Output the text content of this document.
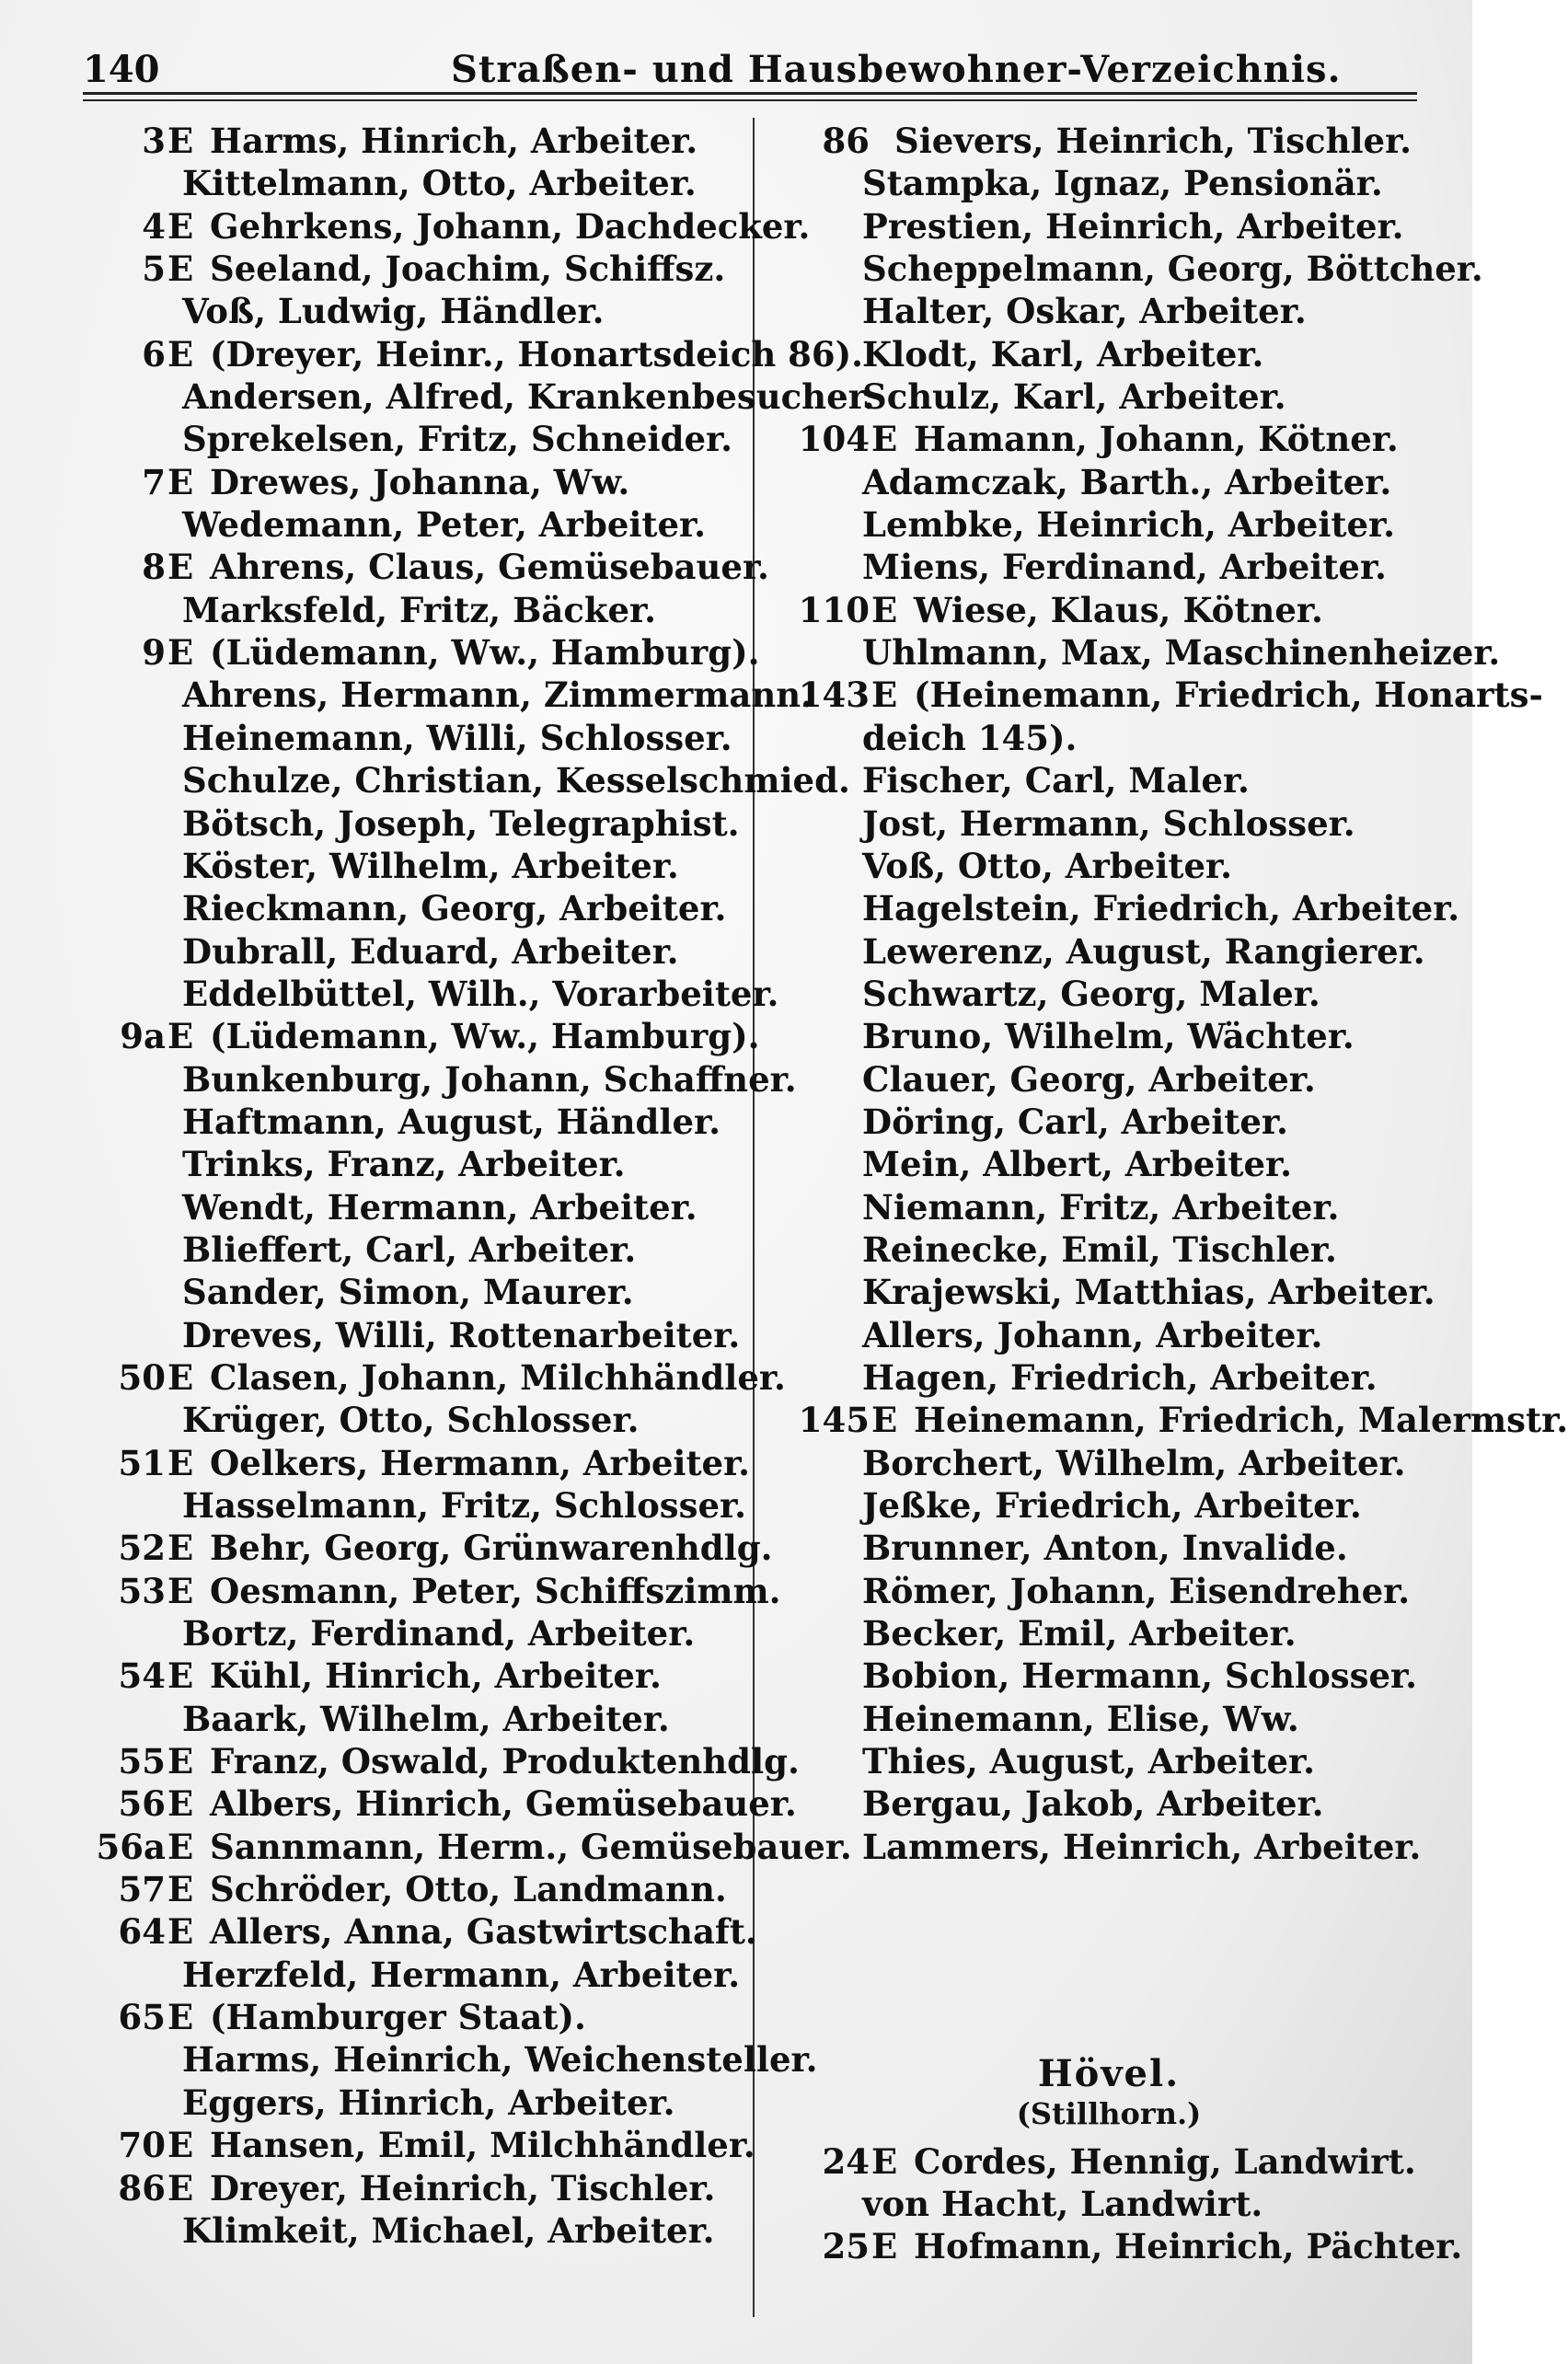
140	Straßen- und Hausbewohner-Verzeichnis.
3 E Harms, Hinrich, Arbeiter.
Kittelmann, Otto, Arbeiter.
4 E Gehrkens, Johann, Dachdecker.
5 E Seeland, Joachim, Schiffsz.
Voß, Ludwig, Händler.
6 E (Dreyer, Heinr., Honartsdeich 86).
Andersen, Alfred, Krankenbesucher.
Sprekelsen, Fritz, Schneider.
7 E Drewes, Johanna, Ww.
Wedemann, Peter, Arbeiter.
8 E Ahrens, Claus, Gemüsebauer.
Marksfeld, Fritz, Bäcker.
9 E (Lüdemann, Ww., Hamburg).
Ahrens, Hermann, Zimmermann.
Heinemann, Willi, Schlosser.
Schulze, Christian, Kesselschmied.
Bötsch, Joseph, Telegraphist.
Köster, Wilhelm, Arbeiter.
Rieckmann, Georg, Arbeiter.
Dubrall, Eduard, Arbeiter.
Eddelbüttel, Wilh., Vorarbeiter.
9a E (Lüdemann, Ww., Hamburg).
Bunkenburg, Johann, Schaffner.
Haftmann, August, Händler.
Trinks, Franz, Arbeiter.
Wendt, Hermann, Arbeiter.
Blieffert, Carl, Arbeiter.
Sander, Simon, Maurer.
Dreves, Willi, Rottenarbeiter.
50 E Clasen, Johann, Milchhändler.
Krüger, Otto, Schlosser.
51 E Oelkers, Hermann, Arbeiter.
Hasselmann, Fritz, Schlosser.
52 E Behr, Georg, Grünwarenhdlg.
53 E Oesmann, Peter, Schiffszimm.
Bortz, Ferdinand, Arbeiter.
54 E Kühl, Hinrich, Arbeiter.
Baark, Wilhelm, Arbeiter.
55 E Franz, Oswald, Produktenhdlg.
56 E Albers, Hinrich, Gemüsebauer.
56a E Sannmann, Herm., Gemüsebauer.
57 E Schröder, Otto, Landmann.
64 E Allers, Anna, Gastwirtschaft.
Herzfeld, Hermann, Arbeiter.
65 E (Hamburger Staat).
Harms, Heinrich, Weichensteller.
Eggers, Hinrich, Arbeiter.
70 E Hansen, Emil, Milchhändler.
86 E Dreyer, Heinrich, Tischler.
Klimkeit, Michael, Arbeiter.
86 Sievers, Heinrich, Tischler.
Stampka, Ignaz, Pensionär.
Prestien, Heinrich, Arbeiter.
Scheppelmann, Georg, Böttcher.
Halter, Oskar, Arbeiter.
Klodt, Karl, Arbeiter.
Schulz, Karl, Arbeiter.
104 E Hamann, Johann, Kötner.
Adamczak, Barth., Arbeiter.
Lembke, Heinrich, Arbeiter.
Miens, Ferdinand, Arbeiter.
110 E Wiese, Klaus, Kötner.
Uhlmann, Max, Maschinenheizer.
143 E (Heinemann, Friedrich, Honarts-
deich 145).
Fischer, Carl, Maler.
Jost, Hermann, Schlosser.
Voß, Otto, Arbeiter.
Hagelstein, Friedrich, Arbeiter.
Lewerenz, August, Rangierer.
Schwartz, Georg, Maler.
Bruno, Wilhelm, Wächter.
Clauer, Georg, Arbeiter.
Döring, Carl, Arbeiter.
Mein, Albert, Arbeiter.
Niemann, Fritz, Arbeiter.
Reinecke, Emil, Tischler.
Krajewski, Matthias, Arbeiter.
Allers, Johann, Arbeiter.
Hagen, Friedrich, Arbeiter.
145 E Heinemann, Friedrich, Malermstr.
Borchert, Wilhelm, Arbeiter.
Jeßke, Friedrich, Arbeiter.
Brunner, Anton, Invalide.
Römer, Johann, Eisendreher.
Becker, Emil, Arbeiter.
Bobion, Hermann, Schlosser.
Heinemann, Elise, Ww.
Thies, August, Arbeiter.
Bergau, Jakob, Arbeiter.
Lammers, Heinrich, Arbeiter.
Hövel.
(Stillhorn.)
24 E Cordes, Hennig, Landwirt.
von Hacht, Landwirt.
25 E Hofmann, Heinrich, Pächter.
